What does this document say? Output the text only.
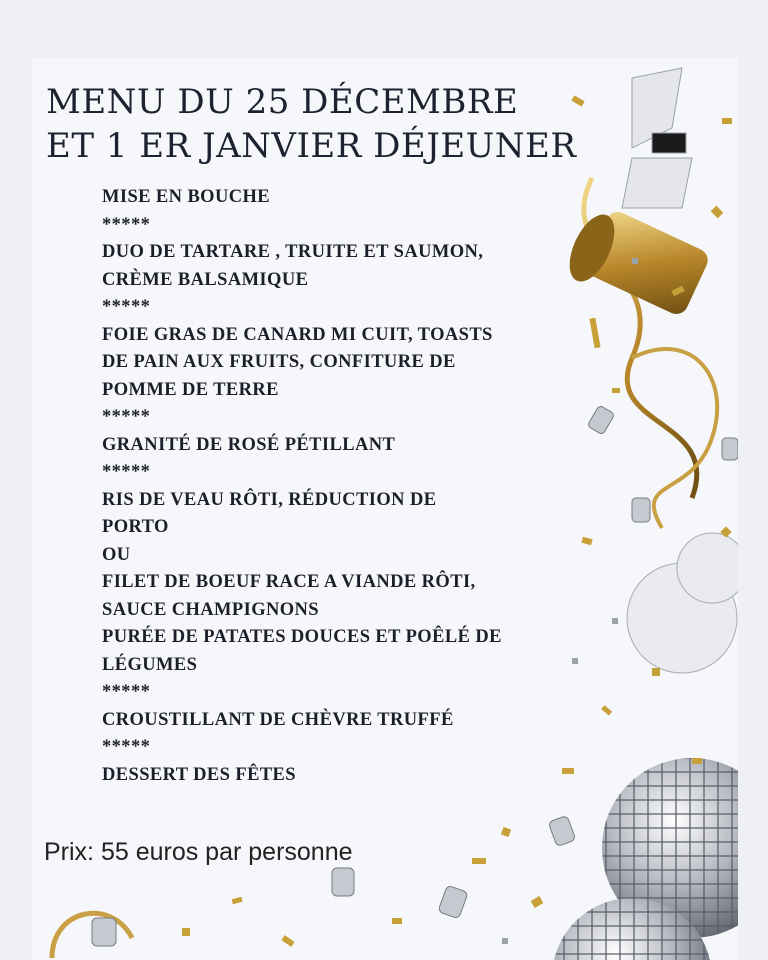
MENU DU 25 DÉCEMBRE
ET 1 ER JANVIER DÉJEUNER
MISE EN BOUCHE
*****
DUO DE TARTARE , TRUITE ET SAUMON,
CRÈME BALSAMIQUE
*****
FOIE GRAS DE CANARD MI CUIT, TOASTS
DE PAIN AUX FRUITS, CONFITURE DE
POMME DE TERRE
*****
GRANITÉ DE ROSÉ PÉTILLANT
*****
RIS DE VEAU RÔTI, RÉDUCTION DE
PORTO
OU
FILET DE BOEUF RACE A VIANDE RÔTI,
SAUCE CHAMPIGNONS
PURÉE DE PATATES DOUCES ET POÊLÉ DE
LÉGUMES
*****
CROUSTILLANT DE CHÈVRE TRUFFÉ
*****
DESSERT DES FÊTES
Prix: 55 euros par personne
